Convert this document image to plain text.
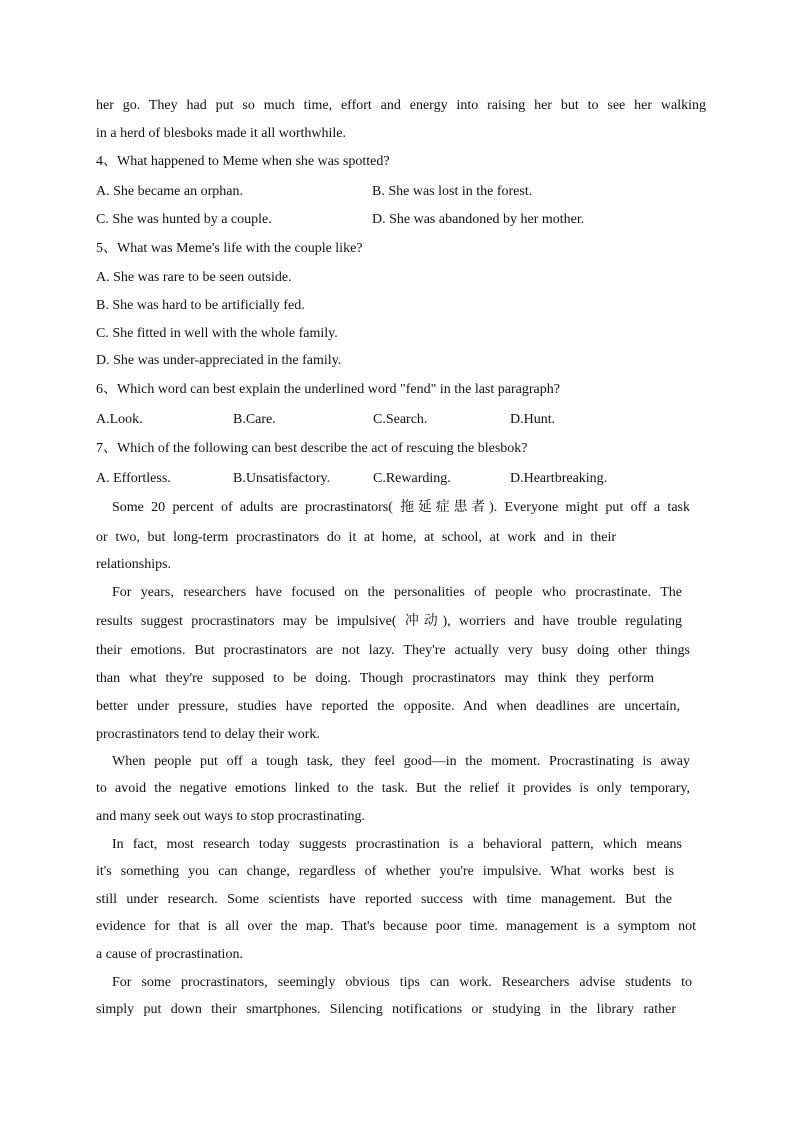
her go. They had put so much time, effort and energy into raising her but to see her walking
in a herd of blesboks made it all worthwhile.
4、What happened to Meme when she was spotted?
A. She became an orphan.	B. She was lost in the forest.
C. She was hunted by a couple.	D. She was abandoned by her mother.
5、What was Meme's life with the couple like?
A. She was rare to be seen outside.
B. She was hard to be artificially fed.
C. She fitted in well with the whole family.
D. She was under-appreciated in the family.
6、Which word can best explain the underlined word "fend" in the last paragraph?
A.Look.	B.Care.	C.Search.	D.Hunt.
7、Which of the following can best describe the act of rescuing the blesbok?
A. Effortless.	B.Unsatisfactory.	C.Rewarding.	D.Heartbreaking.
Some 20 percent of adults are procrastinators( 拖延症患者). Everyone might put off a task
or two, but long-term procrastinators do it at home, at school, at work and in their
relationships.
For years, researchers have focused on the personalities of people who procrastinate. The
results suggest procrastinators may be impulsive( 冲动), worriers and have trouble regulating
their emotions. But procrastinators are not lazy. They're actually very busy doing other things
than what they're supposed to be doing. Though procrastinators may think they perform
better under pressure, studies have reported the opposite. And when deadlines are uncertain,
procrastinators tend to delay their work.
When people put off a tough task, they feel good—in the moment. Procrastinating is away
to avoid the negative emotions linked to the task. But the relief it provides is only temporary,
and many seek out ways to stop procrastinating.
In fact, most research today suggests procrastination is a behavioral pattern, which means
it's something you can change, regardless of whether you're impulsive. What works best is
still under research. Some scientists have reported success with time management. But the
evidence for that is all over the map. That's because poor time. management is a symptom not
a cause of procrastination.
For some procrastinators, seemingly obvious tips can work. Researchers advise students to
simply put down their smartphones. Silencing notifications or studying in the library rather
